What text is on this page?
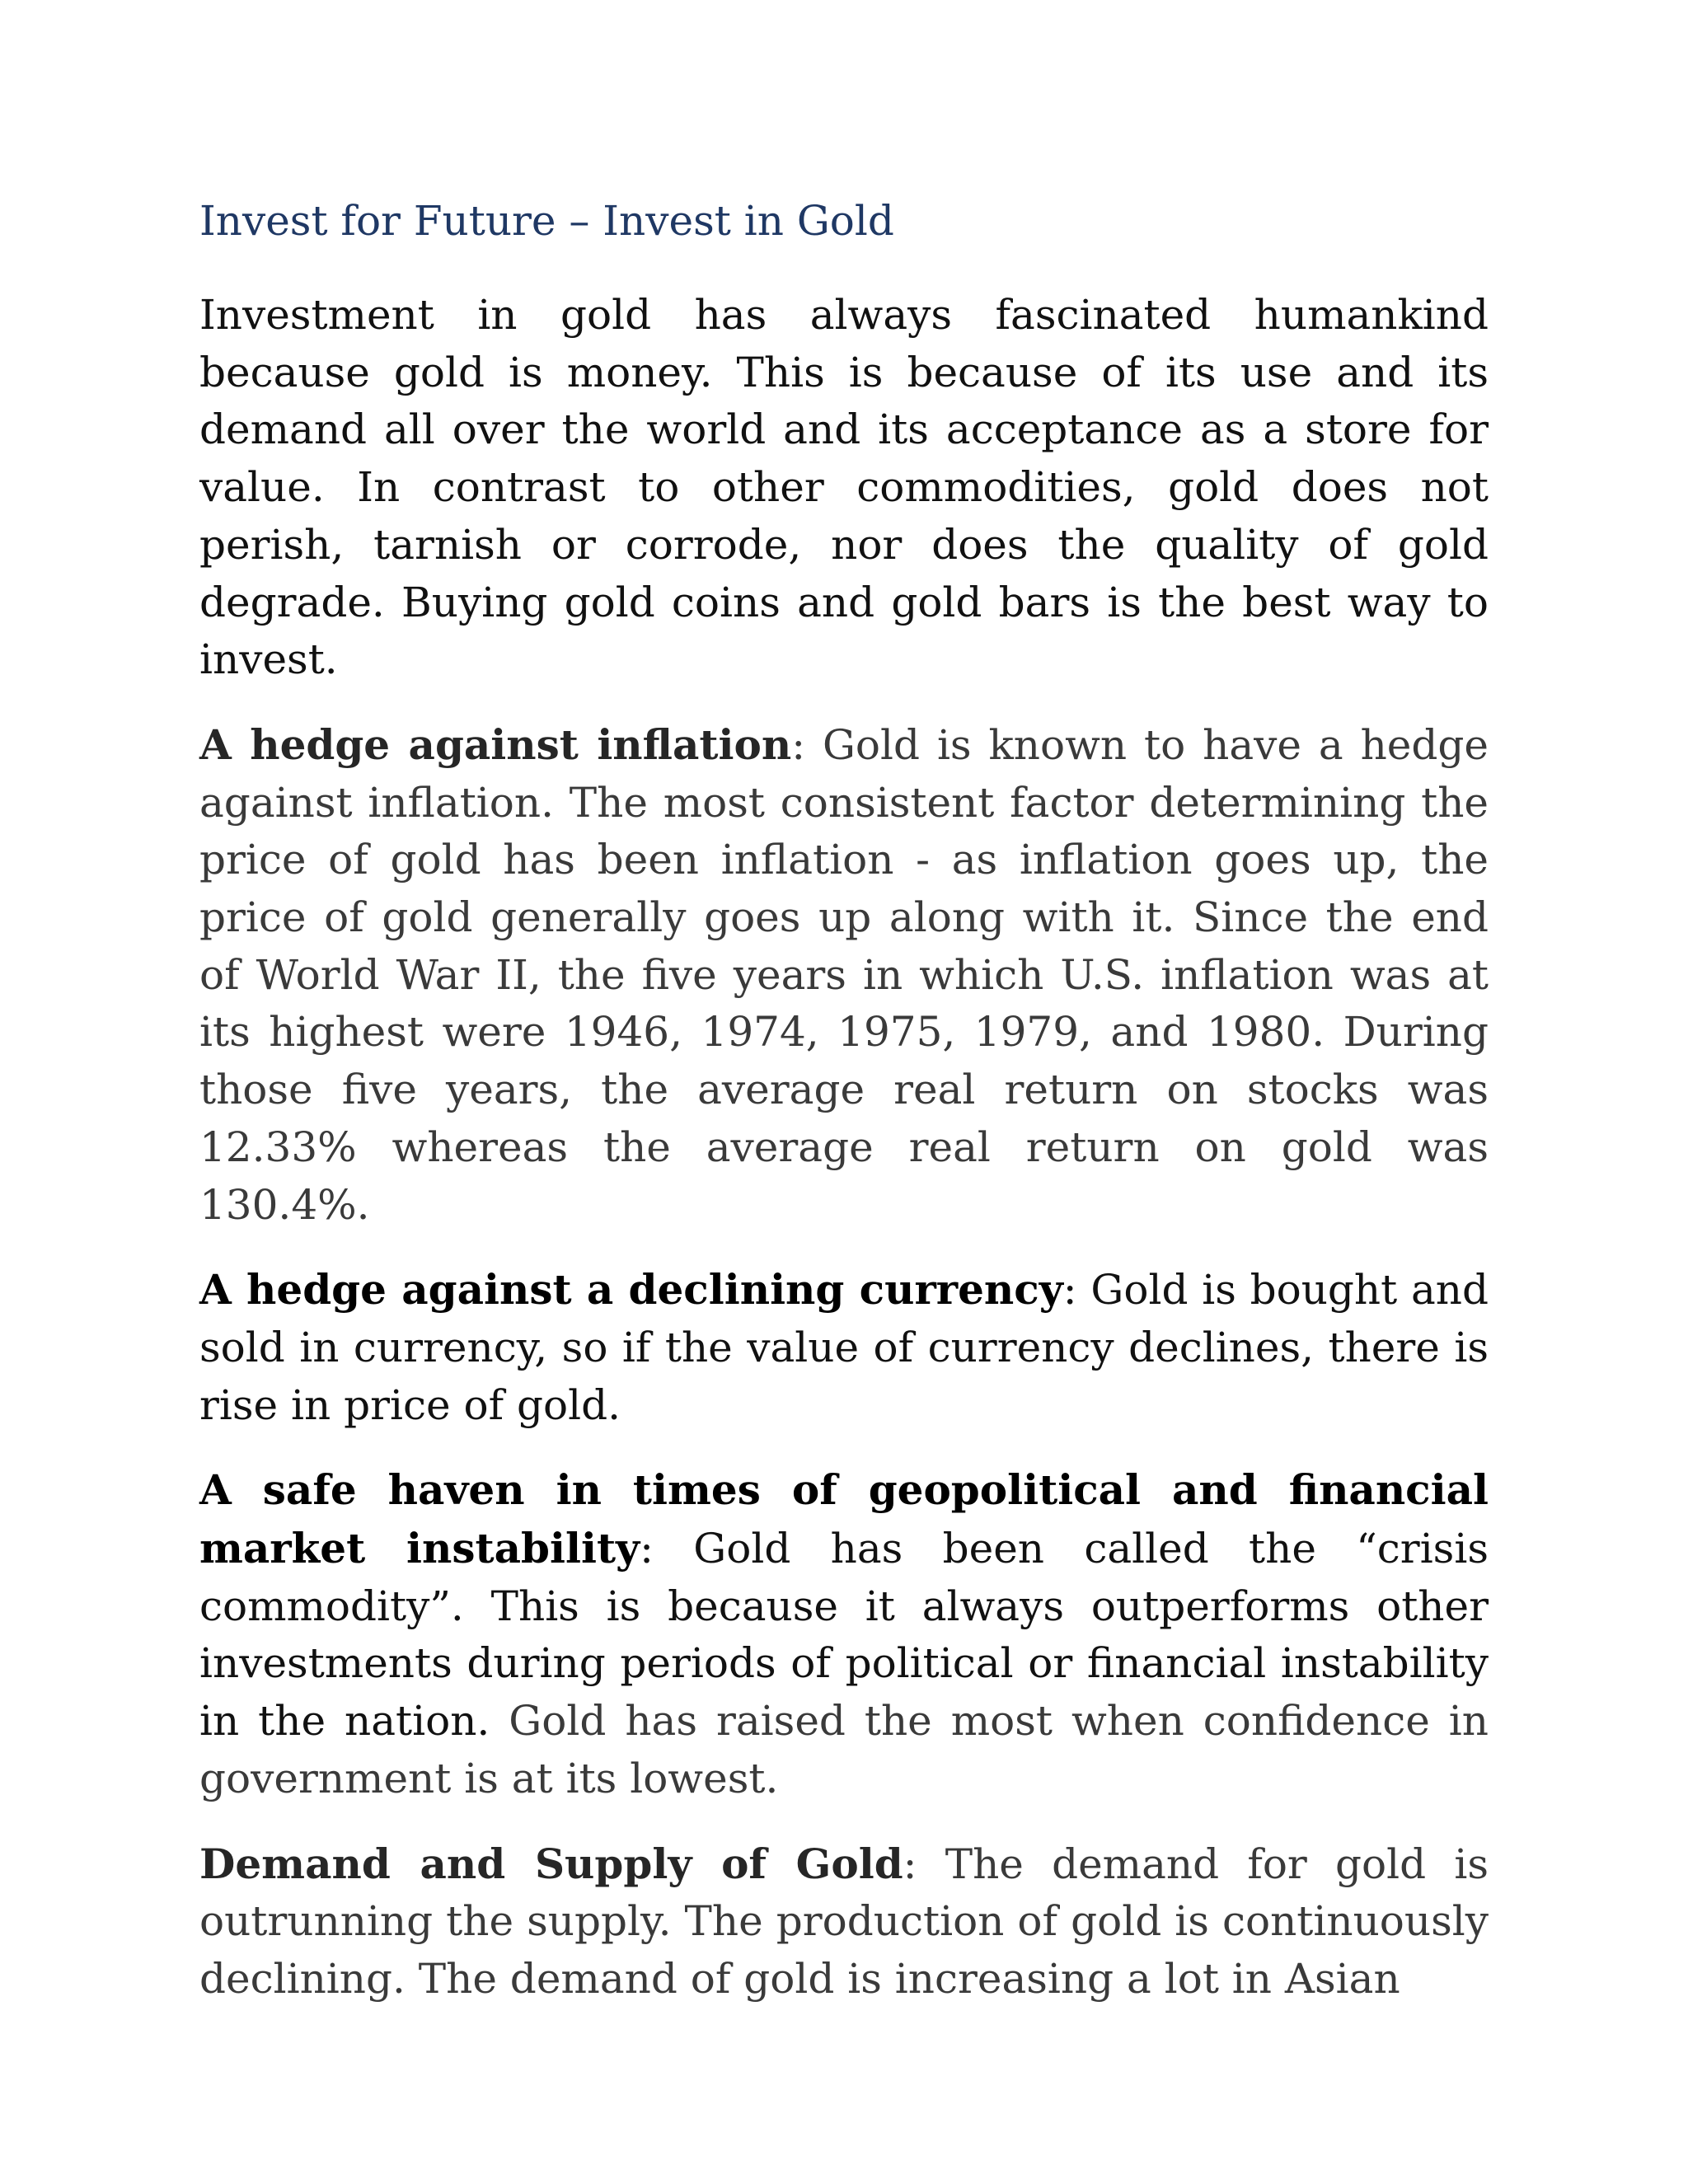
Invest for Future – Invest in Gold

Investment in gold has always fascinated humankind because gold is money. This is because of its use and its demand all over the world and its acceptance as a store for value. In contrast to other commodities, gold does not perish, tarnish or corrode, nor does the quality of gold degrade. Buying gold coins and gold bars is the best way to invest.

A hedge against inflation: Gold is known to have a hedge against inflation. The most consistent factor determining the price of gold has been inflation - as inflation goes up, the price of gold generally goes up along with it. Since the end of World War II, the five years in which U.S. inflation was at its highest were 1946, 1974, 1975, 1979, and 1980. During those five years, the average real return on stocks was 12.33% whereas the average real return on gold was 130.4%.

A hedge against a declining currency: Gold is bought and sold in currency, so if the value of currency declines, there is rise in price of gold.

A safe haven in times of geopolitical and financial market instability: Gold has been called the “crisis commodity”. This is because it always outperforms other investments during periods of political or financial instability in the nation. Gold has raised the most when confidence in government is at its lowest.

Demand and Supply of Gold: The demand for gold is outrunning the supply. The production of gold is continuously declining. The demand of gold is increasing a lot in Asian
